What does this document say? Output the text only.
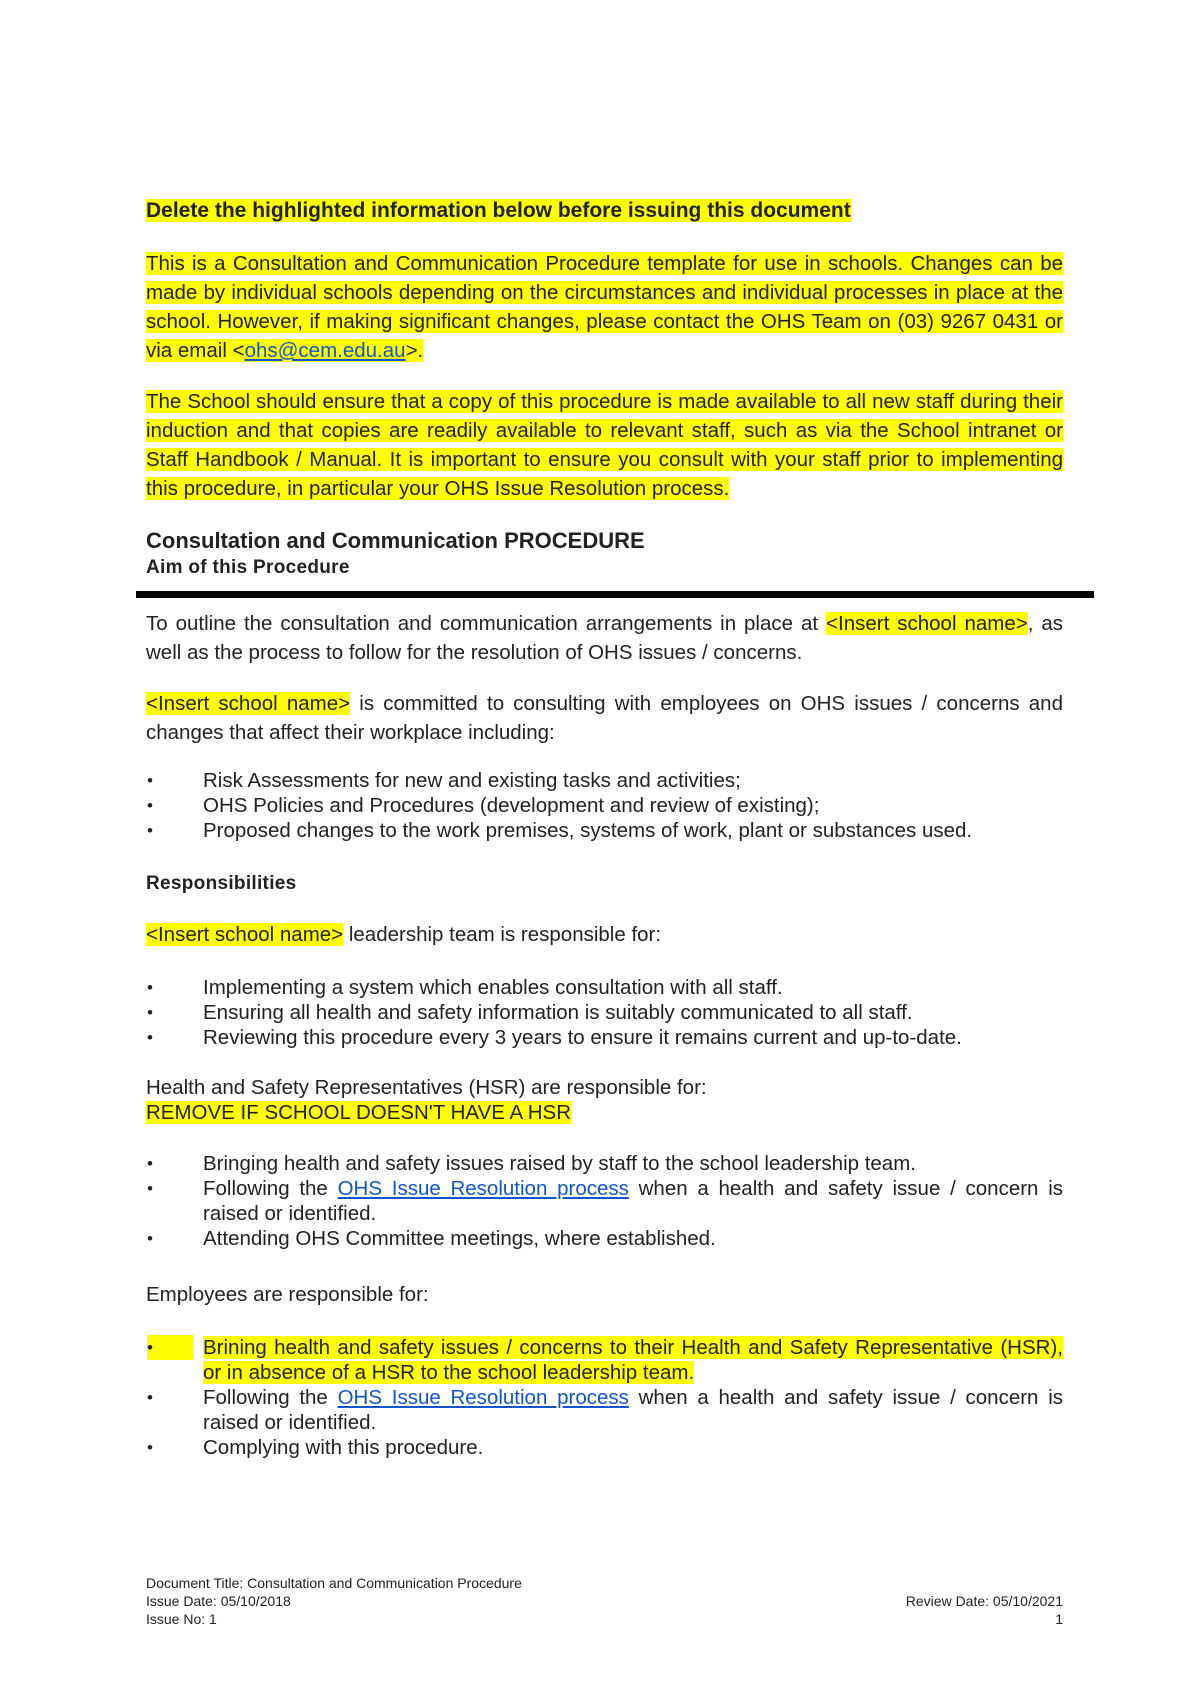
Delete the highlighted information below before issuing this document
This is a Consultation and Communication Procedure template for use in schools. Changes can be made by individual schools depending on the circumstances and individual processes in place at the school. However, if making significant changes, please contact the OHS Team on (03) 9267 0431 or via email <ohs@cem.edu.au>.
The School should ensure that a copy of this procedure is made available to all new staff during their induction and that copies are readily available to relevant staff, such as via the School intranet or Staff Handbook / Manual. It is important to ensure you consult with your staff prior to implementing this procedure, in particular your OHS Issue Resolution process.
Consultation and Communication PROCEDURE
Aim of this Procedure
To outline the consultation and communication arrangements in place at <Insert school name>, as well as the process to follow for the resolution of OHS issues / concerns.
<Insert school name> is committed to consulting with employees on OHS issues / concerns and changes that affect their workplace including:
• Risk Assessments for new and existing tasks and activities;
• OHS Policies and Procedures (development and review of existing);
• Proposed changes to the work premises, systems of work, plant or substances used.
Responsibilities
<Insert school name> leadership team is responsible for:
• Implementing a system which enables consultation with all staff.
• Ensuring all health and safety information is suitably communicated to all staff.
• Reviewing this procedure every 3 years to ensure it remains current and up-to-date.
Health and Safety Representatives (HSR) are responsible for:
REMOVE IF SCHOOL DOESN'T HAVE A HSR
• Bringing health and safety issues raised by staff to the school leadership team.
• Following the OHS Issue Resolution process when a health and safety issue / concern is raised or identified.
• Attending OHS Committee meetings, where established.
Employees are responsible for:
•	Brining health and safety issues / concerns to their Health and Safety Representative (HSR), or in absence of a HSR to the school leadership team.
• Following the OHS Issue Resolution process when a health and safety issue / concern is raised or identified.
• Complying with this procedure.
Document Title: Consultation and Communication Procedure
Issue Date: 05/10/2018	Review Date: 05/10/2021
Issue No: 1	1
